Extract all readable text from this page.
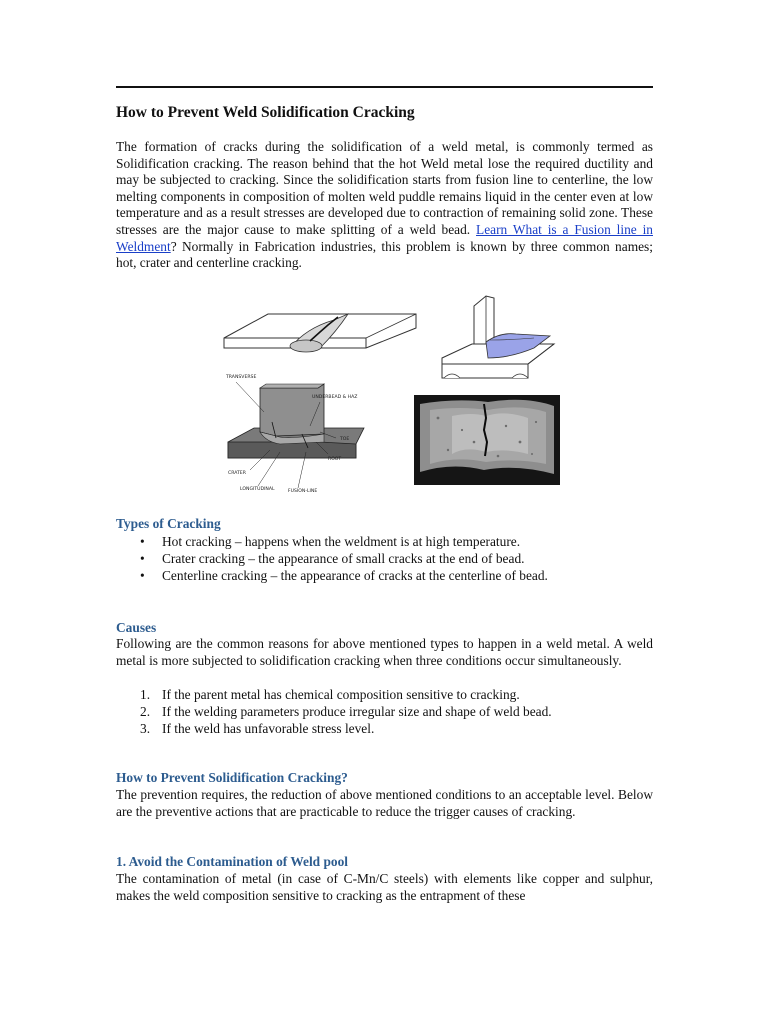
How to Prevent Weld Solidification Cracking

The formation of cracks during the solidification of a weld metal, is commonly termed as Solidification cracking. The reason behind that the hot Weld metal lose the required ductility and may be subjected to cracking. Since the solidification starts from fusion line to centerline, the low melting components in composition of molten weld puddle remains liquid in the center even at low temperature and as a result stresses are developed due to contraction of remaining solid zone. These stresses are the major cause to make splitting of a weld bead. Learn What is a Fusion line in Weldment? Normally in Fabrication industries, this problem is known by three common names; hot, crater and centerline cracking.

TRANSVERSE
UNDERBEAD & HAZ
TOE
CRATER
ROOT
LONGITUDINAL	FUSION-LINE
Types of Cracking
• Hot cracking – happens when the weldment is at high temperature.
• Crater cracking – the appearance of small cracks at the end of bead.
• Centerline cracking – the appearance of cracks at the centerline of bead.
Causes

Following are the common reasons for above mentioned types to happen in a weld metal. A weld metal is more subjected to solidification cracking when three conditions occur simultaneously.

1. If the parent metal has chemical composition sensitive to cracking.
2. If the welding parameters produce irregular size and shape of weld bead.
3. If the weld has unfavorable stress level.
How to Prevent Solidification Cracking?

The prevention requires, the reduction of above mentioned conditions to an acceptable level. Below are the preventive actions that are practicable to reduce the trigger causes of cracking.

1. Avoid the Contamination of Weld pool

The contamination of metal (in case of C-Mn/C steels) with elements like copper and sulphur, makes the weld composition sensitive to cracking as the entrapment of these
